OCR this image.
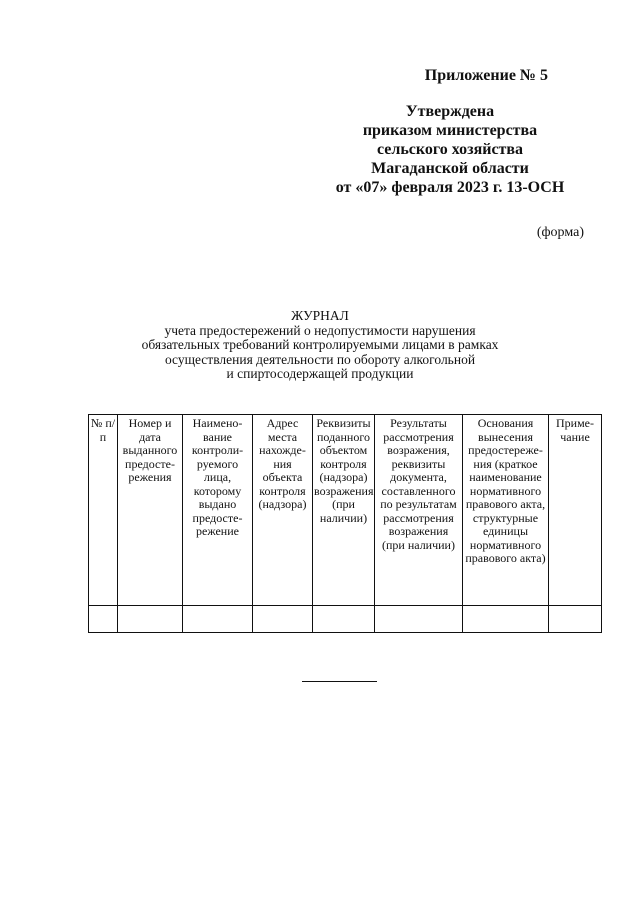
Приложение № 5
Утверждена
приказом министерства
сельского хозяйства
Магаданской области
от «07» февраля 2023 г. 13-ОСН
(форма)
ЖУРНАЛ
учета предостережений о недопустимости нарушения
обязательных требований контролируемыми лицами в рамках
осуществления деятельности по обороту алкогольной
и спиртосодержащей продукции
№ п/п	Номер и дата выданного предосте-режения	Наимено-вание контроли-руемого лица, которому выдано предосте-режение	Адрес места нахожде-ния объекта контроля (надзора)	Реквизиты поданного объектом контроля (надзора) возражения (при наличии)	Результаты рассмотрения возражения, реквизиты документа, составленного по результатам рассмотрения возражения (при наличии)	Основания вынесения предостереже-ния (краткое наименование нормативного правового акта, структурные единицы нормативного правового акта)	Приме-чание
